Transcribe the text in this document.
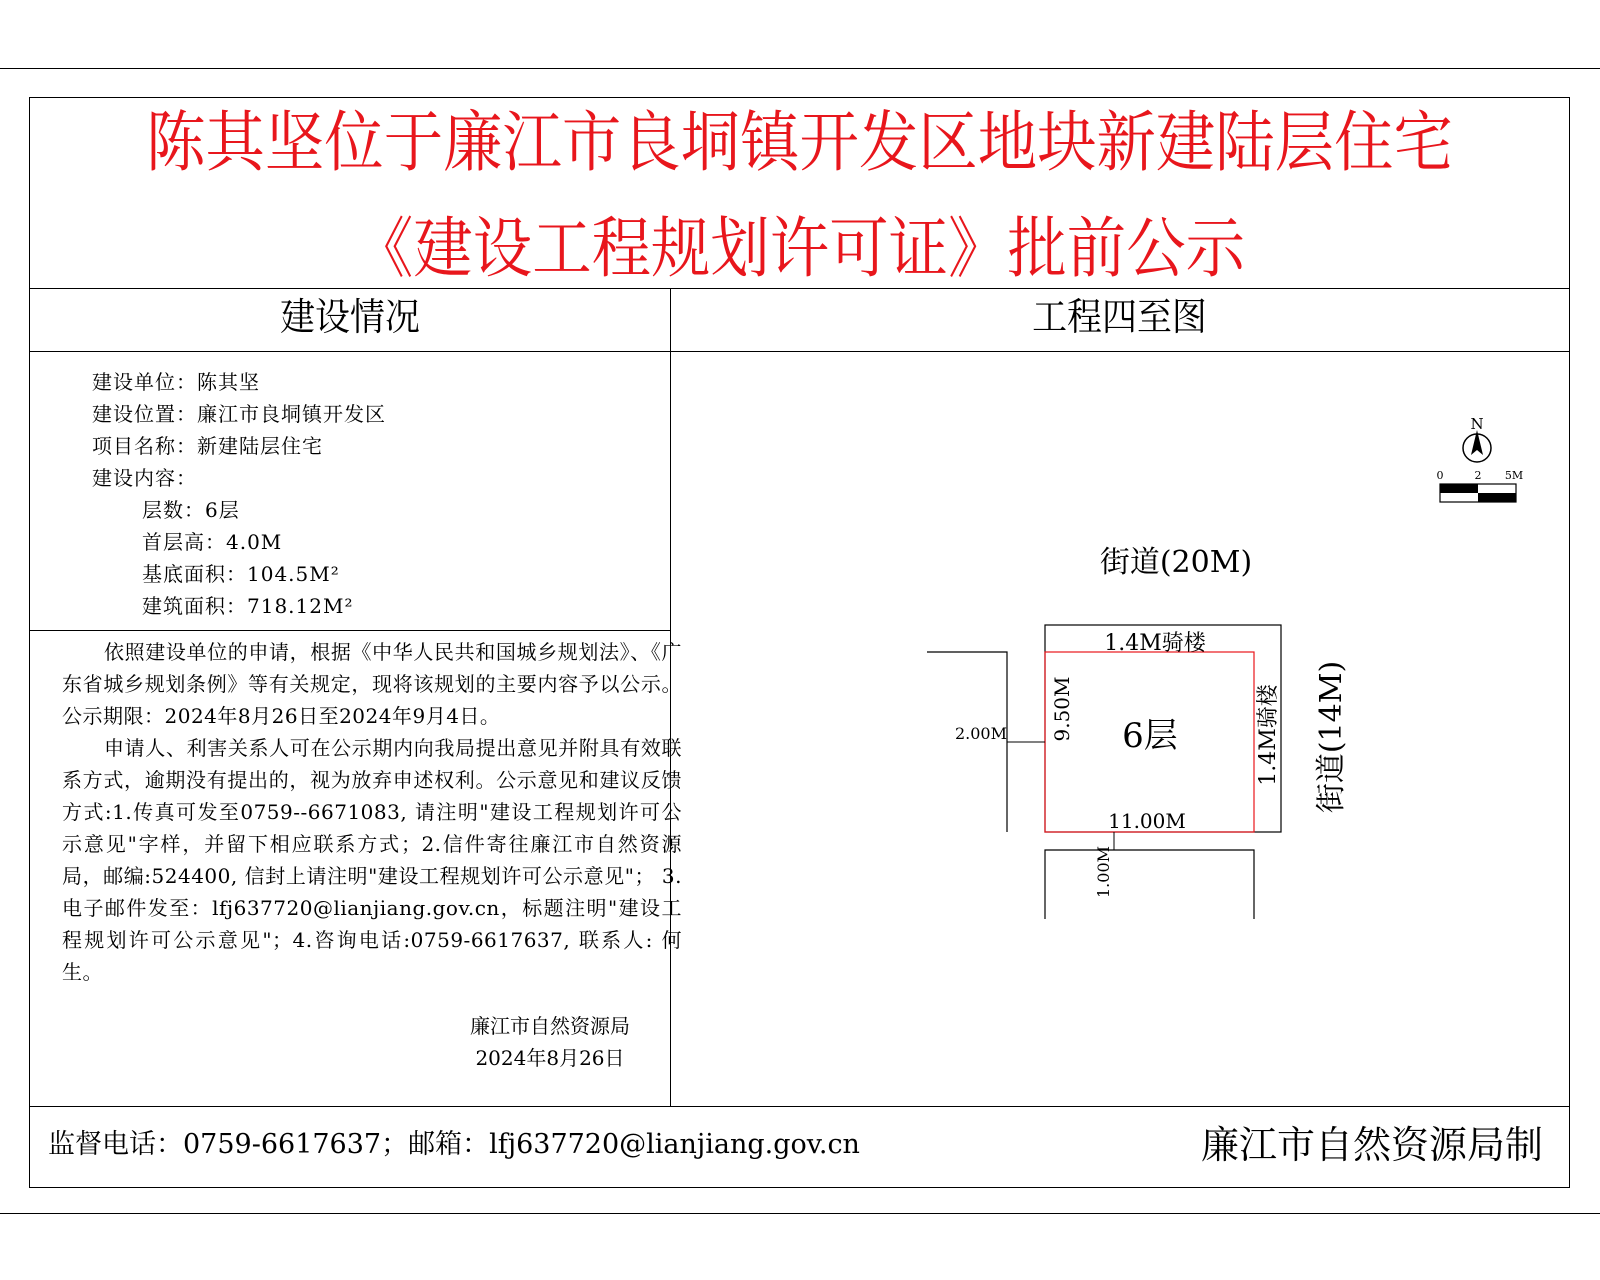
陈其坚位于廉江市良垌镇开发区地块新建陆层住宅
《建设工程规划许可证》批前公示
建设情况	工程四至图
建设单位：陈其坚
建设位置：廉江市良垌镇开发区
项目名称：新建陆层住宅
建设内容：
层数：6层
首层高：4.0M
基底面积：104.5M²
建筑面积：718.12M²

依照建设单位的申请，根据《中华人民共和国城乡规划法》、《广东省城乡规划条例》等有关规定，现将该规划的主要内容予以公示。公示期限：2024年8月26日至2024年9月4日。

申请人、利害关系人可在公示期内向我局提出意见并附具有效联系方式，逾期没有提出的，视为放弃申述权利。公示意见和建议反馈方式:1.传真可发至0759--6671083, 请注明"建设工程规划许可公示意见"字样，并留下相应联系方式；2.信件寄往廉江市自然资源局，邮编:524400, 信封上请注明"建设工程规划许可公示意见"； 3.电子邮件发至：lfj637720@lianjiang.gov.cn，标题注明"建设工程规划许可公示意见"；4.咨询电话:0759-6617637, 联系人: 何生。

廉江市自然资源局
2024年8月26日
N
0	2 5M
街道(20M)
街道(14M)
1.4M骑楼
1.4M骑楼
11.00M
9.50M
2.00M
1.00M
6层
监督电话：0759-6617637；邮箱：lfj637720@lianjiang.gov.cn	廉江市自然资源局制
